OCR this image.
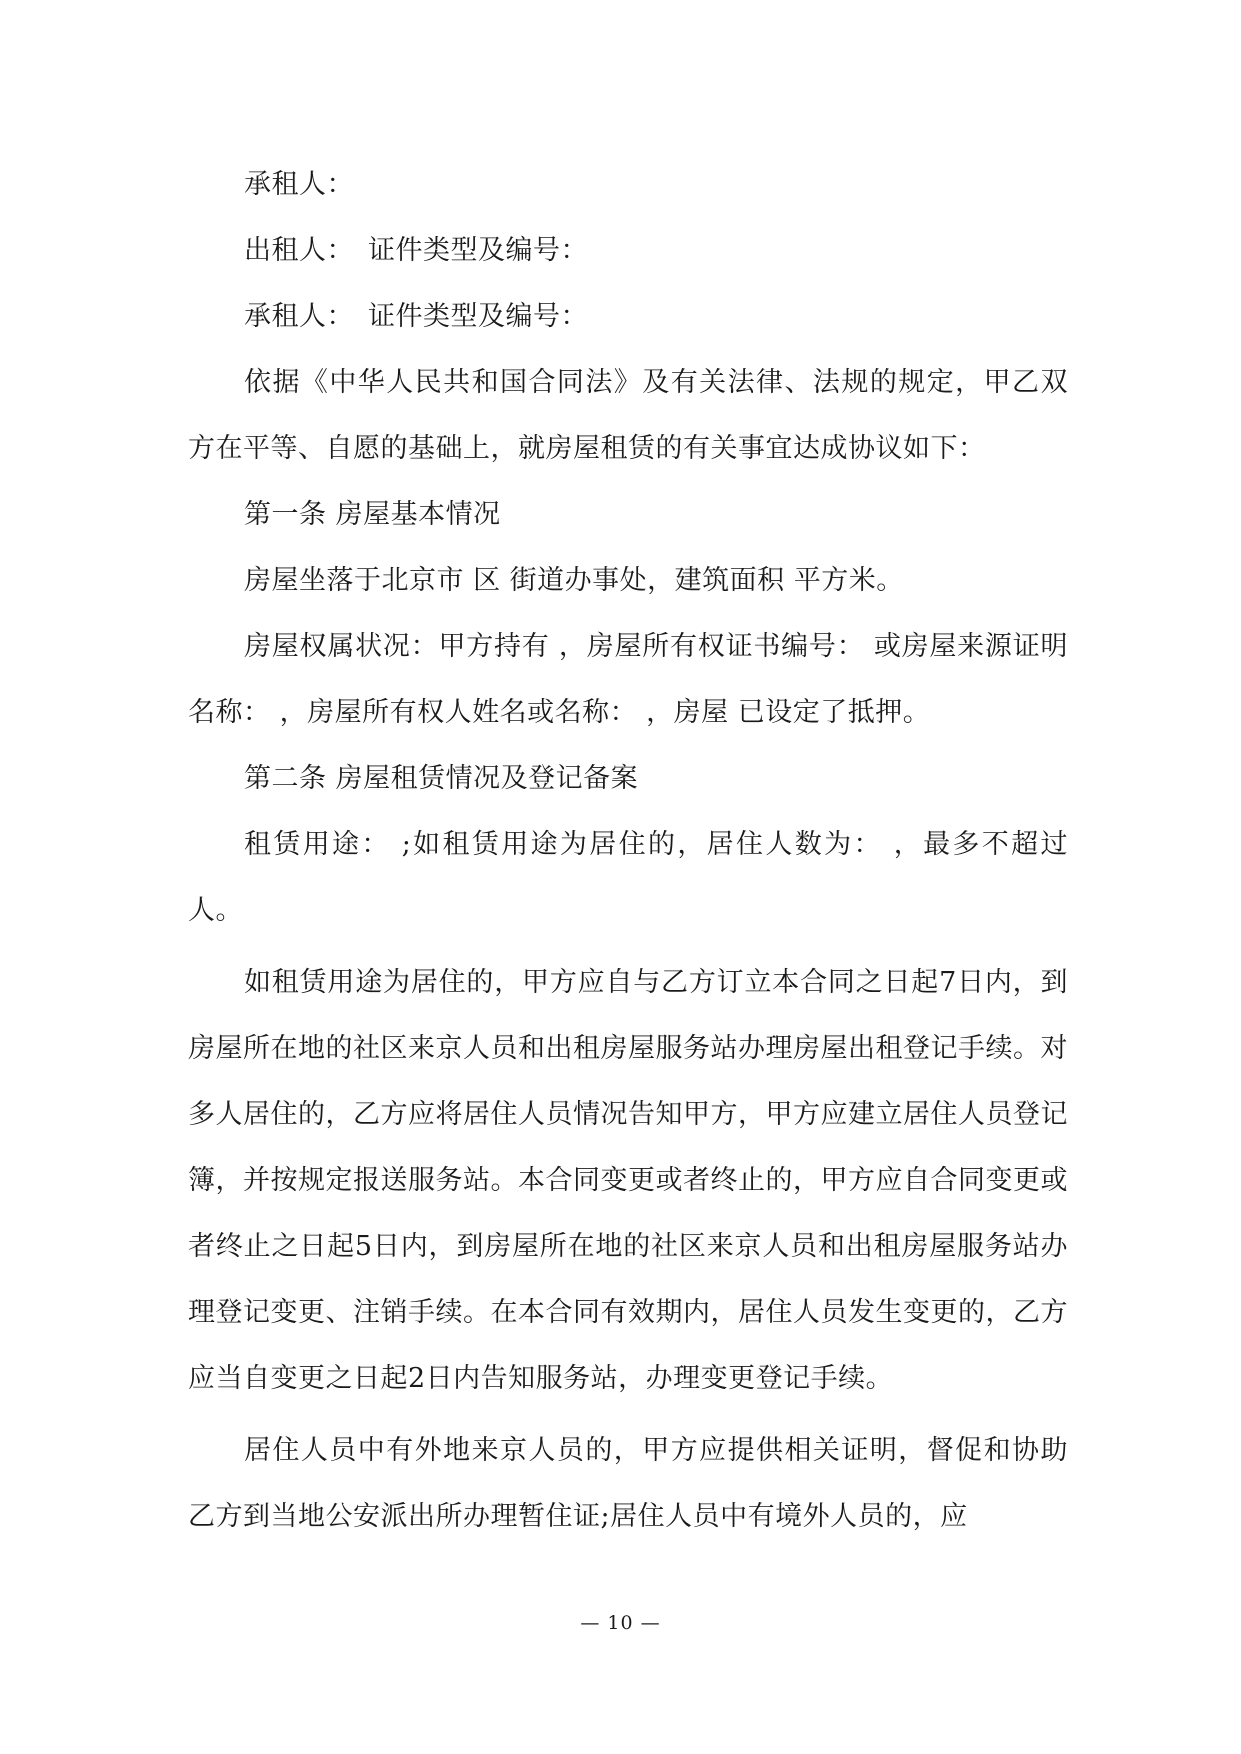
承租人：

出租人：　证件类型及编号：

承租人：　证件类型及编号：

依据《中华人民共和国合同法》及有关法律、法规的规定，甲乙双方在平等、自愿的基础上，就房屋租赁的有关事宜达成协议如下：

第一条 房屋基本情况

房屋坐落于北京市 区 街道办事处，建筑面积 平方米。

房屋权属状况：甲方持有 ，房屋所有权证书编号： 或房屋来源证明名称： ，房屋所有权人姓名或名称： ，房屋 已设定了抵押。

第二条 房屋租赁情况及登记备案

租赁用途： ;如租赁用途为居住的，居住人数为： ，最多不超过 人。

如租赁用途为居住的，甲方应自与乙方订立本合同之日起7日内，到房屋所在地的社区来京人员和出租房屋服务站办理房屋出租登记手续。对多人居住的，乙方应将居住人员情况告知甲方，甲方应建立居住人员登记簿，并按规定报送服务站。本合同变更或者终止的，甲方应自合同变更或者终止之日起5日内，到房屋所在地的社区来京人员和出租房屋服务站办理登记变更、注销手续。在本合同有效期内，居住人员发生变更的，乙方应当自变更之日起2日内告知服务站，办理变更登记手续。

居住人员中有外地来京人员的，甲方应提供相关证明，督促和协助乙方到当地公安派出所办理暂住证;居住人员中有境外人员的，应

— 10 —
